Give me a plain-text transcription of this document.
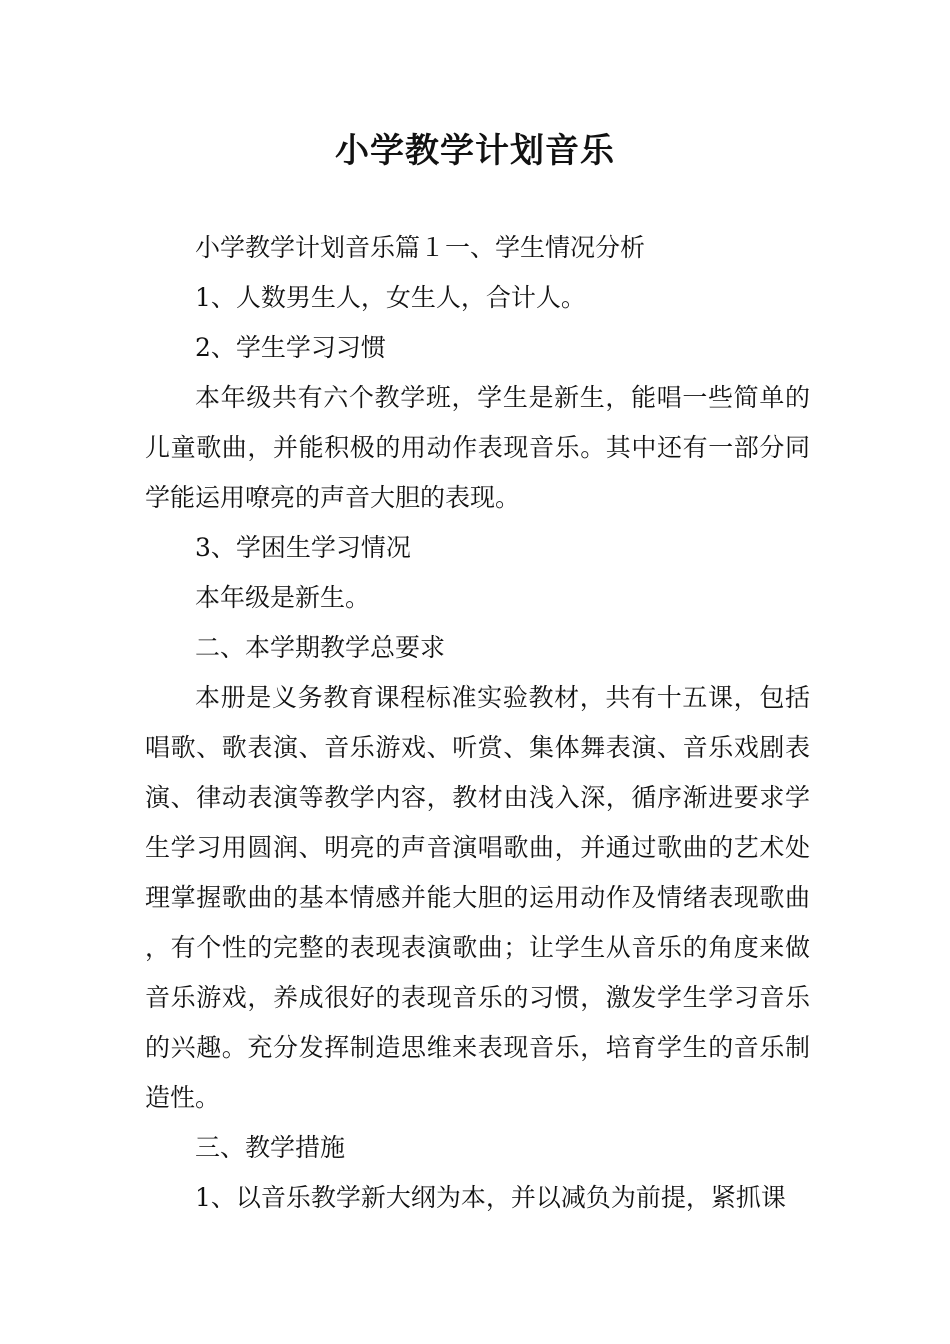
小学教学计划音乐

小学教学计划音乐篇１一、学生情况分析

1、人数男生人，女生人，合计人。

2、学生学习习惯

本年级共有六个教学班，学生是新生，能唱一些简单的儿童歌曲，并能积极的用动作表现音乐。其中还有一部分同学能运用嘹亮的声音大胆的表现。

3、学困生学习情况

本年级是新生。

二、本学期教学总要求

本册是义务教育课程标准实验教材，共有十五课，包括唱歌、歌表演、音乐游戏、听赏、集体舞表演、音乐戏剧表演、律动表演等教学内容，教材由浅入深，循序渐进要求学生学习用圆润、明亮的声音演唱歌曲，并通过歌曲的艺术处理掌握歌曲的基本情感并能大胆的运用动作及情绪表现歌曲，有个性的完整的表现表演歌曲；让学生从音乐的角度来做音乐游戏，养成很好的表现音乐的习惯，激发学生学习音乐的兴趣。充分发挥制造思维来表现音乐，培育学生的音乐制造性。

三、教学措施

1、以音乐教学新大纲为本，并以减负为前提，紧抓课
